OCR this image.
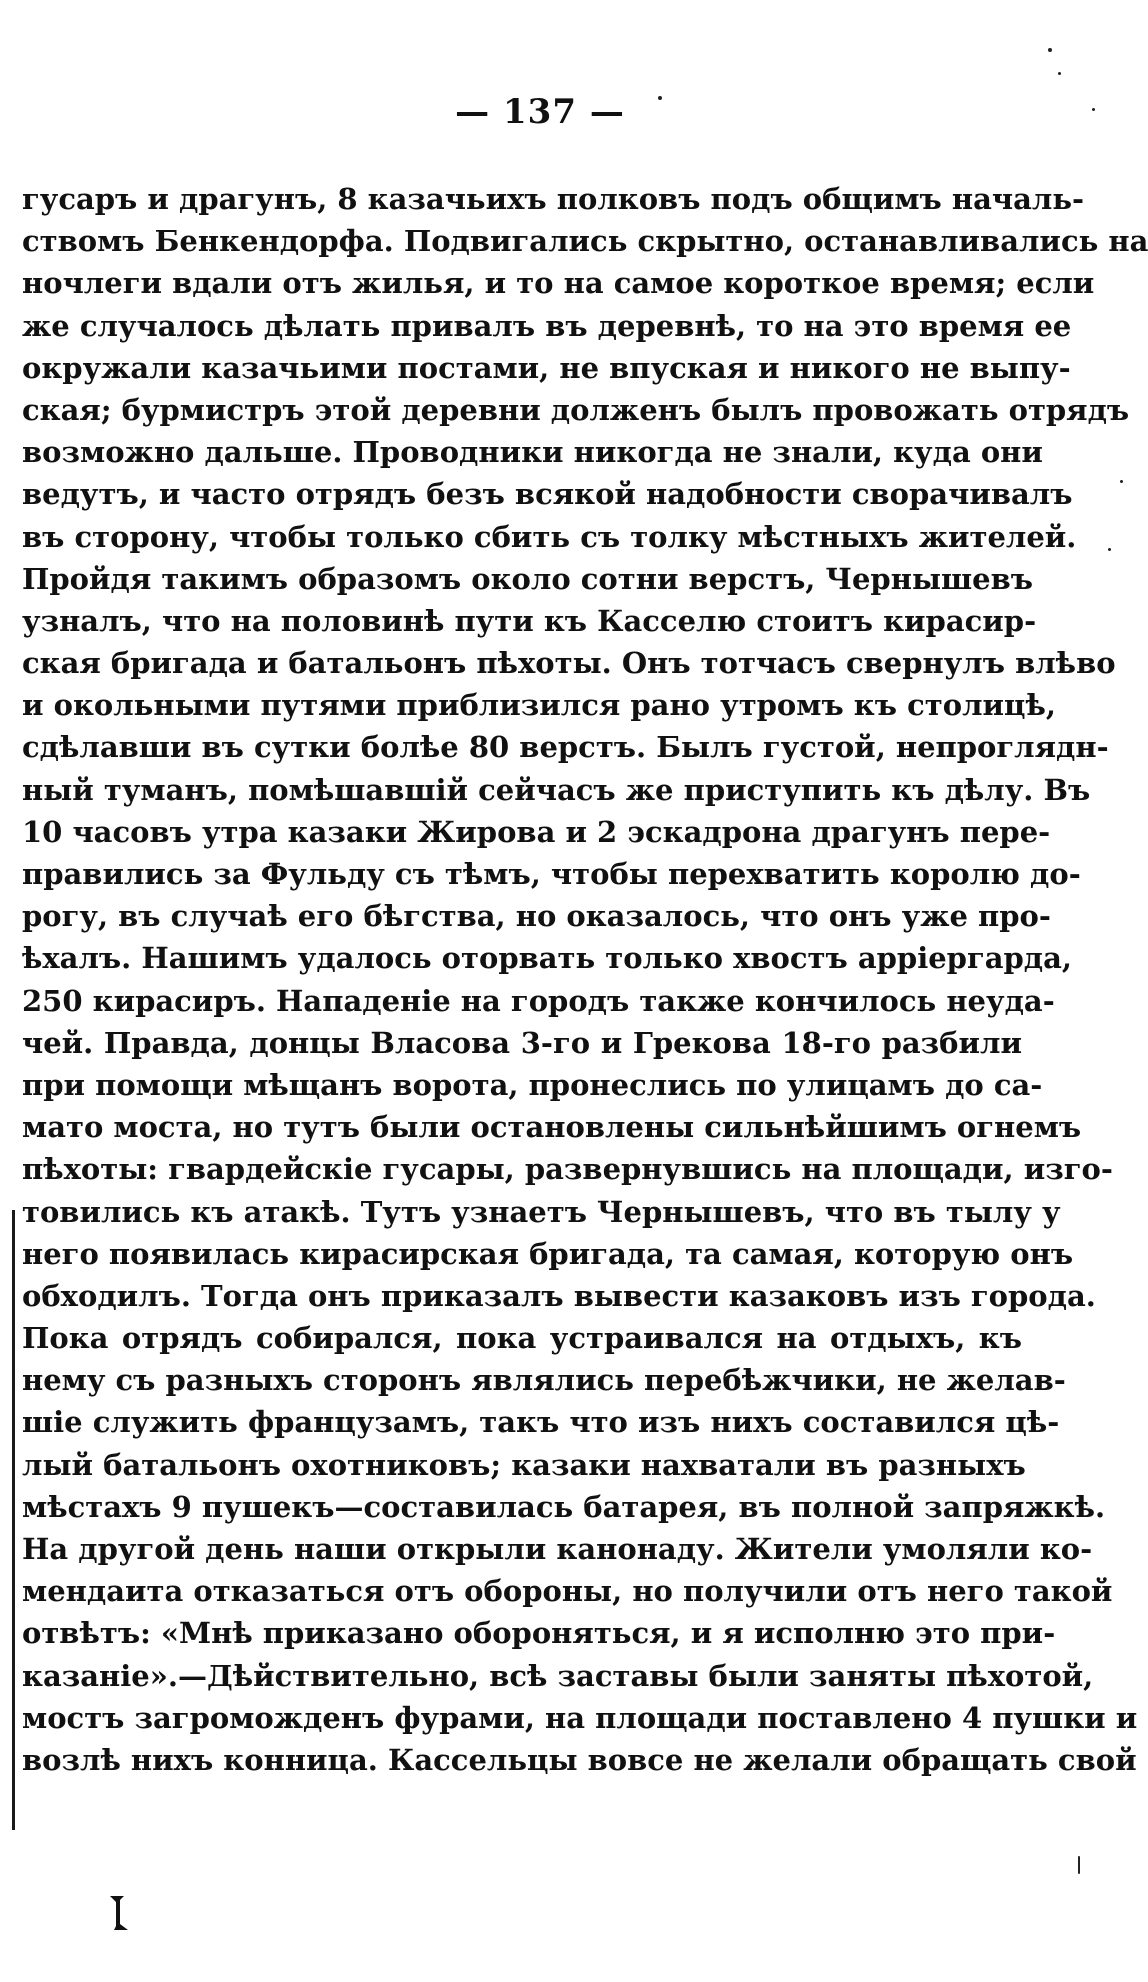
— 137 —
гусаръ и драгунъ, 8 казачьихъ полковъ подъ общимъ началь-
ствомъ Бенкендорфа. Подвигались скрытно, останавливались на
ночлеги вдали отъ жилья, и то на самое короткое время; если
же случалось дѣлать привалъ въ деревнѣ, то на это время ее
окружали казачьими постами, не впуская и никого не выпу-
ская; бурмистръ этой деревни долженъ былъ провожать отрядъ
возможно дальше. Проводники никогда не знали, куда они
ведутъ, и часто отрядъ безъ всякой надобности сворачивалъ
въ сторону, чтобы только сбить съ толку мѣстныхъ жителей.
Пройдя такимъ образомъ около сотни верстъ, Чернышевъ
узналъ, что на половинѣ пути къ Касселю стоитъ кирасир-
ская бригада и батальонъ пѣхоты. Онъ тотчасъ свернулъ влѣво
и окольными путями приблизился рано утромъ къ столицѣ,
сдѣлавши въ сутки болѣе 80 верстъ. Былъ густой, непроглядн-
ный туманъ, помѣшавшій сейчасъ же приступить къ дѣлу. Въ
10 часовъ утра казаки Жирова и 2 эскадрона драгунъ пере-
правились за Фульду съ тѣмъ, чтобы перехватить королю до-
рогу, въ случаѣ его бѣгства, но оказалось, что онъ уже про-
ѣхалъ. Нашимъ удалось оторвать только хвостъ арріергарда,
250 кирасиръ. Нападеніе на городъ также кончилось неуда-
чей. Правда, донцы Власова 3-го и Грекова 18-го разбили
при помощи мѣщанъ ворота, пронеслись по улицамъ до са-
мато моста, но тутъ были остановлены сильнѣйшимъ огнемъ
пѣхоты: гвардейскіе гусары, развернувшись на площади, изго-
товились къ атакѣ. Тутъ узнаетъ Чернышевъ, что въ тылу у
него появилась кирасирская бригада, та самая, которую онъ
обходилъ. Тогда онъ приказалъ вывести казаковъ изъ города.
Пока отрядъ собирался, пока устраивался на отдыхъ, къ
нему съ разныхъ сторонъ являлись перебѣжчики, не желав-
шіе служить французамъ, такъ что изъ нихъ составился цѣ-
лый батальонъ охотниковъ; казаки нахватали въ разныхъ
мѣстахъ 9 пушекъ—составилась батарея, въ полной запряжкѣ.
На другой день наши открыли канонаду. Жители умоляли ко-
мендаита отказаться отъ обороны, но получили отъ него такой
отвѣтъ: «Мнѣ приказано обороняться, и я исполню это при-
казаніе».—Дѣйствительно, всѣ заставы были заняты пѣхотой,
мостъ загроможденъ фурами, на площади поставлено 4 пушки и
возлѣ нихъ конница. Кассельцы вовсе не желали обращать свой
